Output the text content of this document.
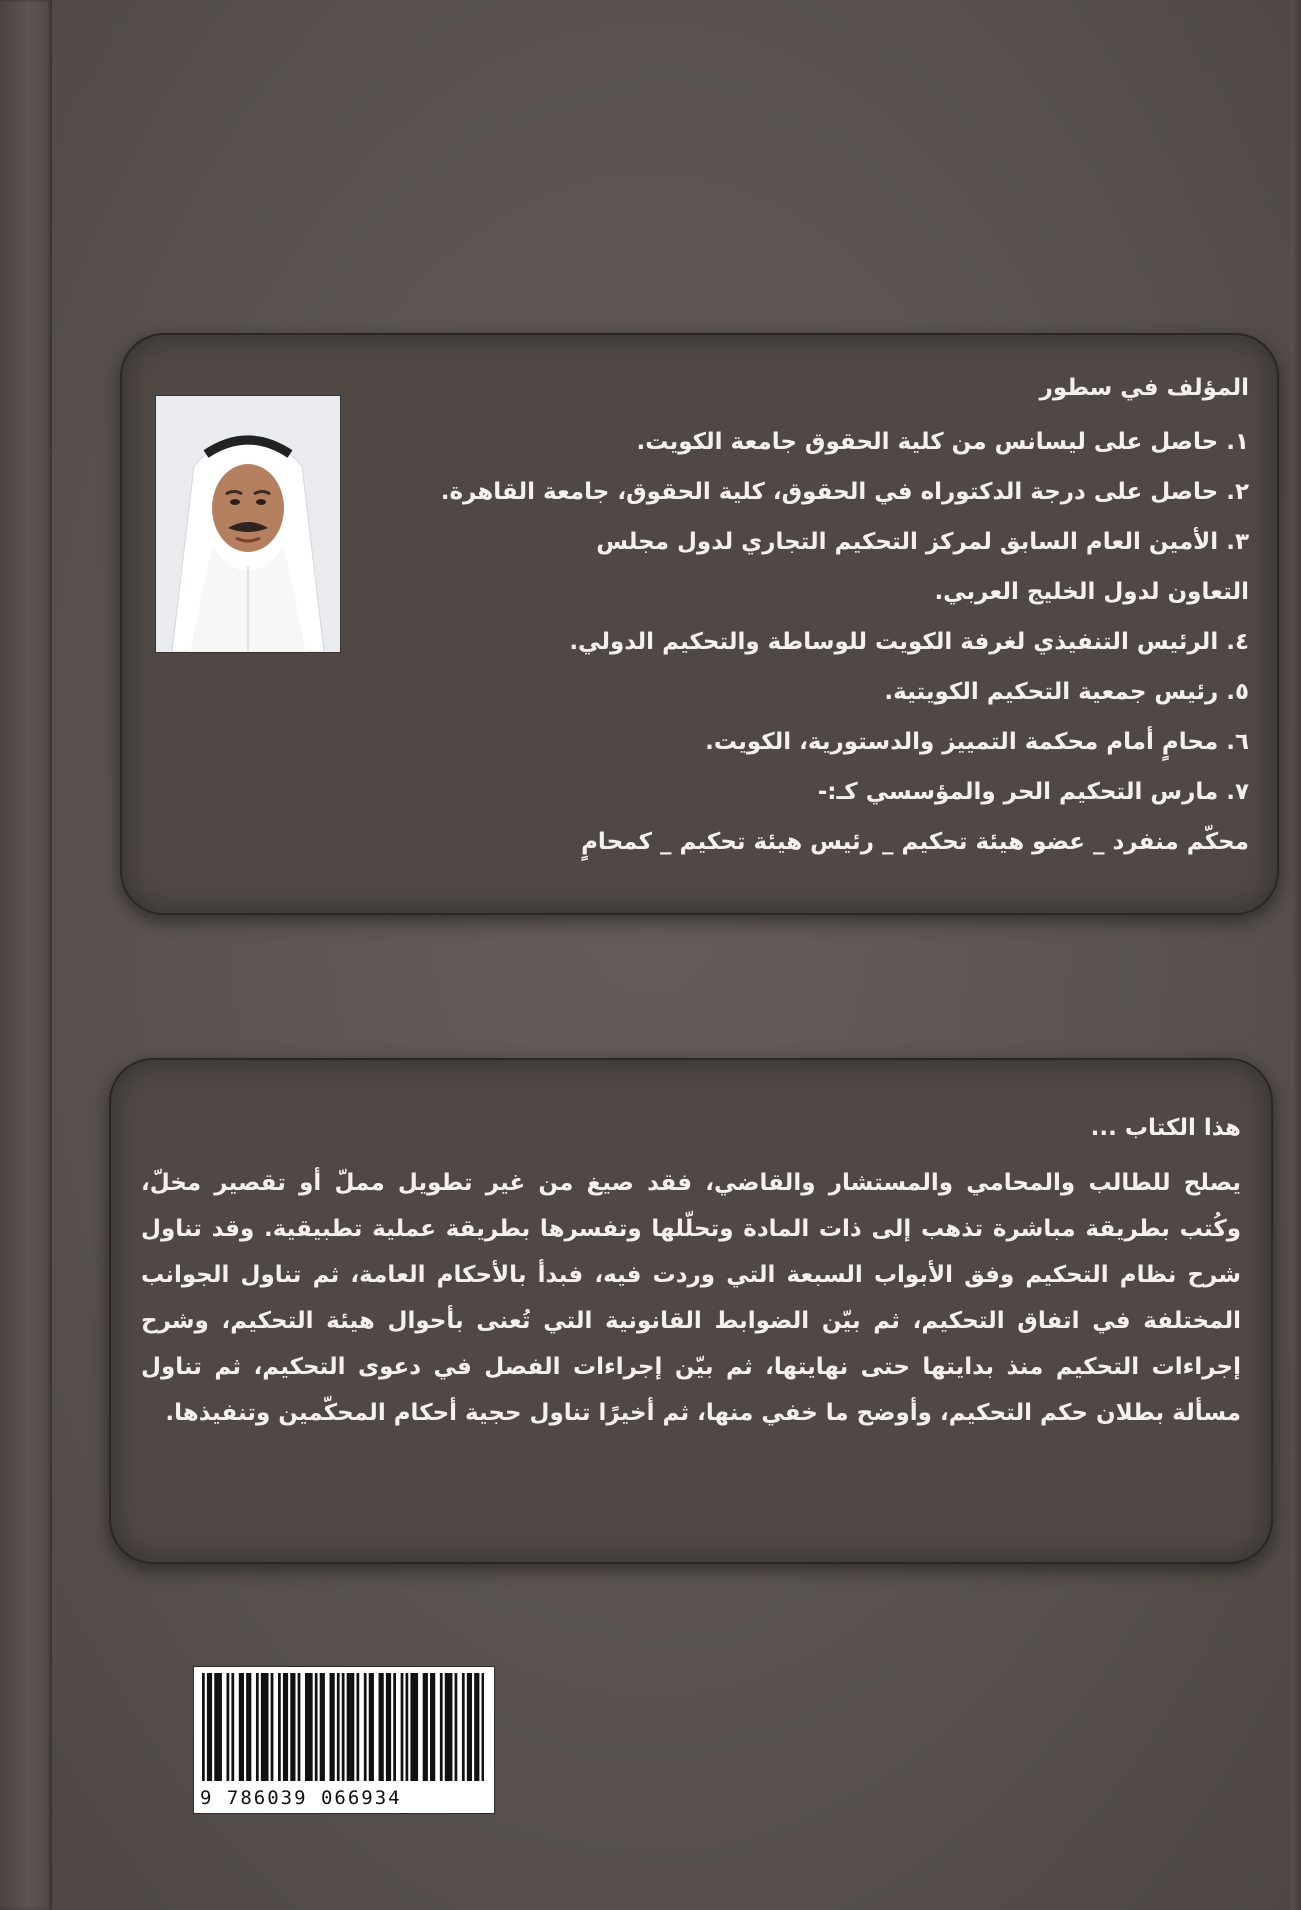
المؤلف في سطور
١. حاصل على ليسانس من كلية الحقوق جامعة الكويت.
٢. حاصل على درجة الدكتوراه في الحقوق، كلية الحقوق، جامعة القاهرة.
٣. الأمين العام السابق لمركز التحكيم التجاري لدول مجلس
التعاون لدول الخليج العربي.
٤. الرئيس التنفيذي لغرفة الكويت للوساطة والتحكيم الدولي.
٥. رئيس جمعية التحكيم الكويتية.
٦. محامٍ أمام محكمة التمييز والدستورية، الكويت.
٧. مارس التحكيم الحر والمؤسسي كـ:-
محكّم منفرد _ عضو هيئة تحكيم _ رئيس هيئة تحكيم _ كمحامٍ
هذا الكتاب ...
يصلح للطالب والمحامي والمستشار والقاضي، فقد صيغ من غير تطويل مملّ أو تقصير مخلّ، وكُتب بطريقة مباشرة تذهب إلى ذات المادة وتحلّلها وتفسرها بطريقة عملية تطبيقية. وقد تناول شرح نظام التحكيم وفق الأبواب السبعة التي وردت فيه، فبدأ بالأحكام العامة، ثم تناول الجوانب المختلفة في اتفاق التحكيم، ثم بيّن الضوابط القانونية التي تُعنى بأحوال هيئة التحكيم، وشرح إجراءات التحكيم منذ بدايتها حتى نهايتها، ثم بيّن إجراءات الفصل في دعوى التحكيم، ثم تناول مسألة بطلان حكم التحكيم، وأوضح ما خفي منها، ثم أخيرًا تناول حجية أحكام المحكّمين وتنفيذها.
9 786039 066934
